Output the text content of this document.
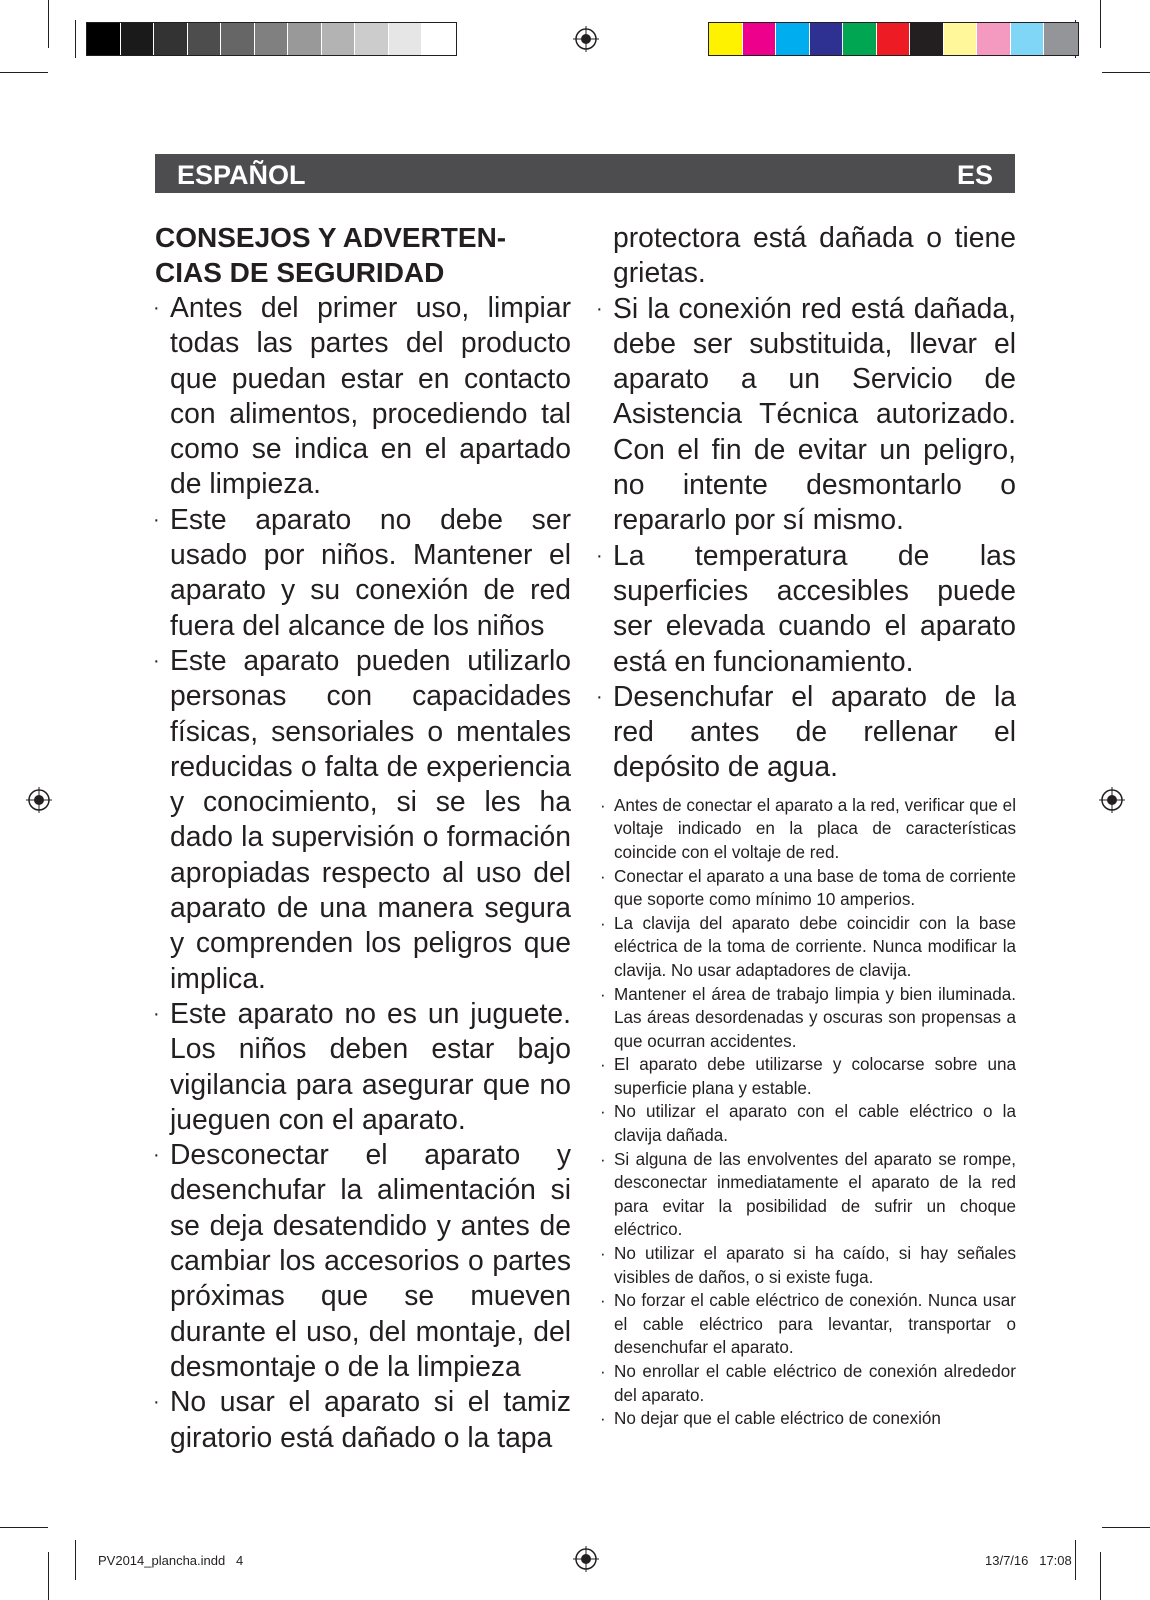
ESPAÑOL	ES
CONSEJOS Y ADVERTEN-
CIAS DE SEGURIDAD
· Antes del primer uso, limpiar todas las partes del producto que puedan estar en contacto con alimentos, procediendo tal como se indica en el apartado de limpieza.
· Este aparato no debe ser usado por niños. Mantener el aparato y su conexión de red fuera del alcance de los niños
· Este aparato pueden utilizarlo personas con capacidades físicas, sensoriales o mentales reducidas o falta de experiencia y conocimiento, si se les ha dado la supervisión o formación apropiadas respecto al uso del aparato de una manera segura y comprenden los peligros que implica.
· Este aparato no es un juguete. Los niños deben estar bajo vigilancia para asegurar que no jueguen con el aparato.
· Desconectar el aparato y desenchufar la alimentación si se deja desatendido y antes de cambiar los accesorios o partes próximas que se mueven durante el uso, del montaje, del desmontaje o de la limpieza
· No usar el aparato si el tamiz giratorio está dañado o la tapa
protectora está dañada o tiene grietas.
· Si la conexión red está dañada, debe ser substituida, llevar el aparato a un Servicio de Asistencia Técnica autorizado. Con el fin de evitar un peligro, no intente desmontarlo o repararlo por sí mismo.
· La temperatura de las superficies accesibles puede ser elevada cuando el aparato está en funcionamiento.
· Desenchufar el aparato de la red antes de rellenar el depósito de agua.
· Antes de conectar el aparato a la red, verificar que el voltaje indicado en la placa de características coincide con el voltaje de red.
· Conectar el aparato a una base de toma de corriente que soporte como mínimo 10 amperios.
· La clavija del aparato debe coincidir con la base eléctrica de la toma de corriente. Nunca modificar la clavija. No usar adaptadores de clavija.
· Mantener el área de trabajo limpia y bien iluminada. Las áreas desordenadas y oscuras son propensas a que ocurran accidentes.
· El aparato debe utilizarse y colocarse sobre una superficie plana y estable.
· No utilizar el aparato con el cable eléctrico o la clavija dañada.
· Si alguna de las envolventes del aparato se rompe, desconectar inmediatamente el aparato de la red para evitar la posibilidad de sufrir un choque eléctrico.
· No utilizar el aparato si ha caído, si hay señales visibles de daños, o si existe fuga.
· No forzar el cable eléctrico de conexión. Nunca usar el cable eléctrico para levantar, transportar o desenchufar el aparato.
· No enrollar el cable eléctrico de conexión alrededor del aparato.
· No dejar que el cable eléctrico de conexión
PV2014_plancha.indd   4	13/7/16   17:08
